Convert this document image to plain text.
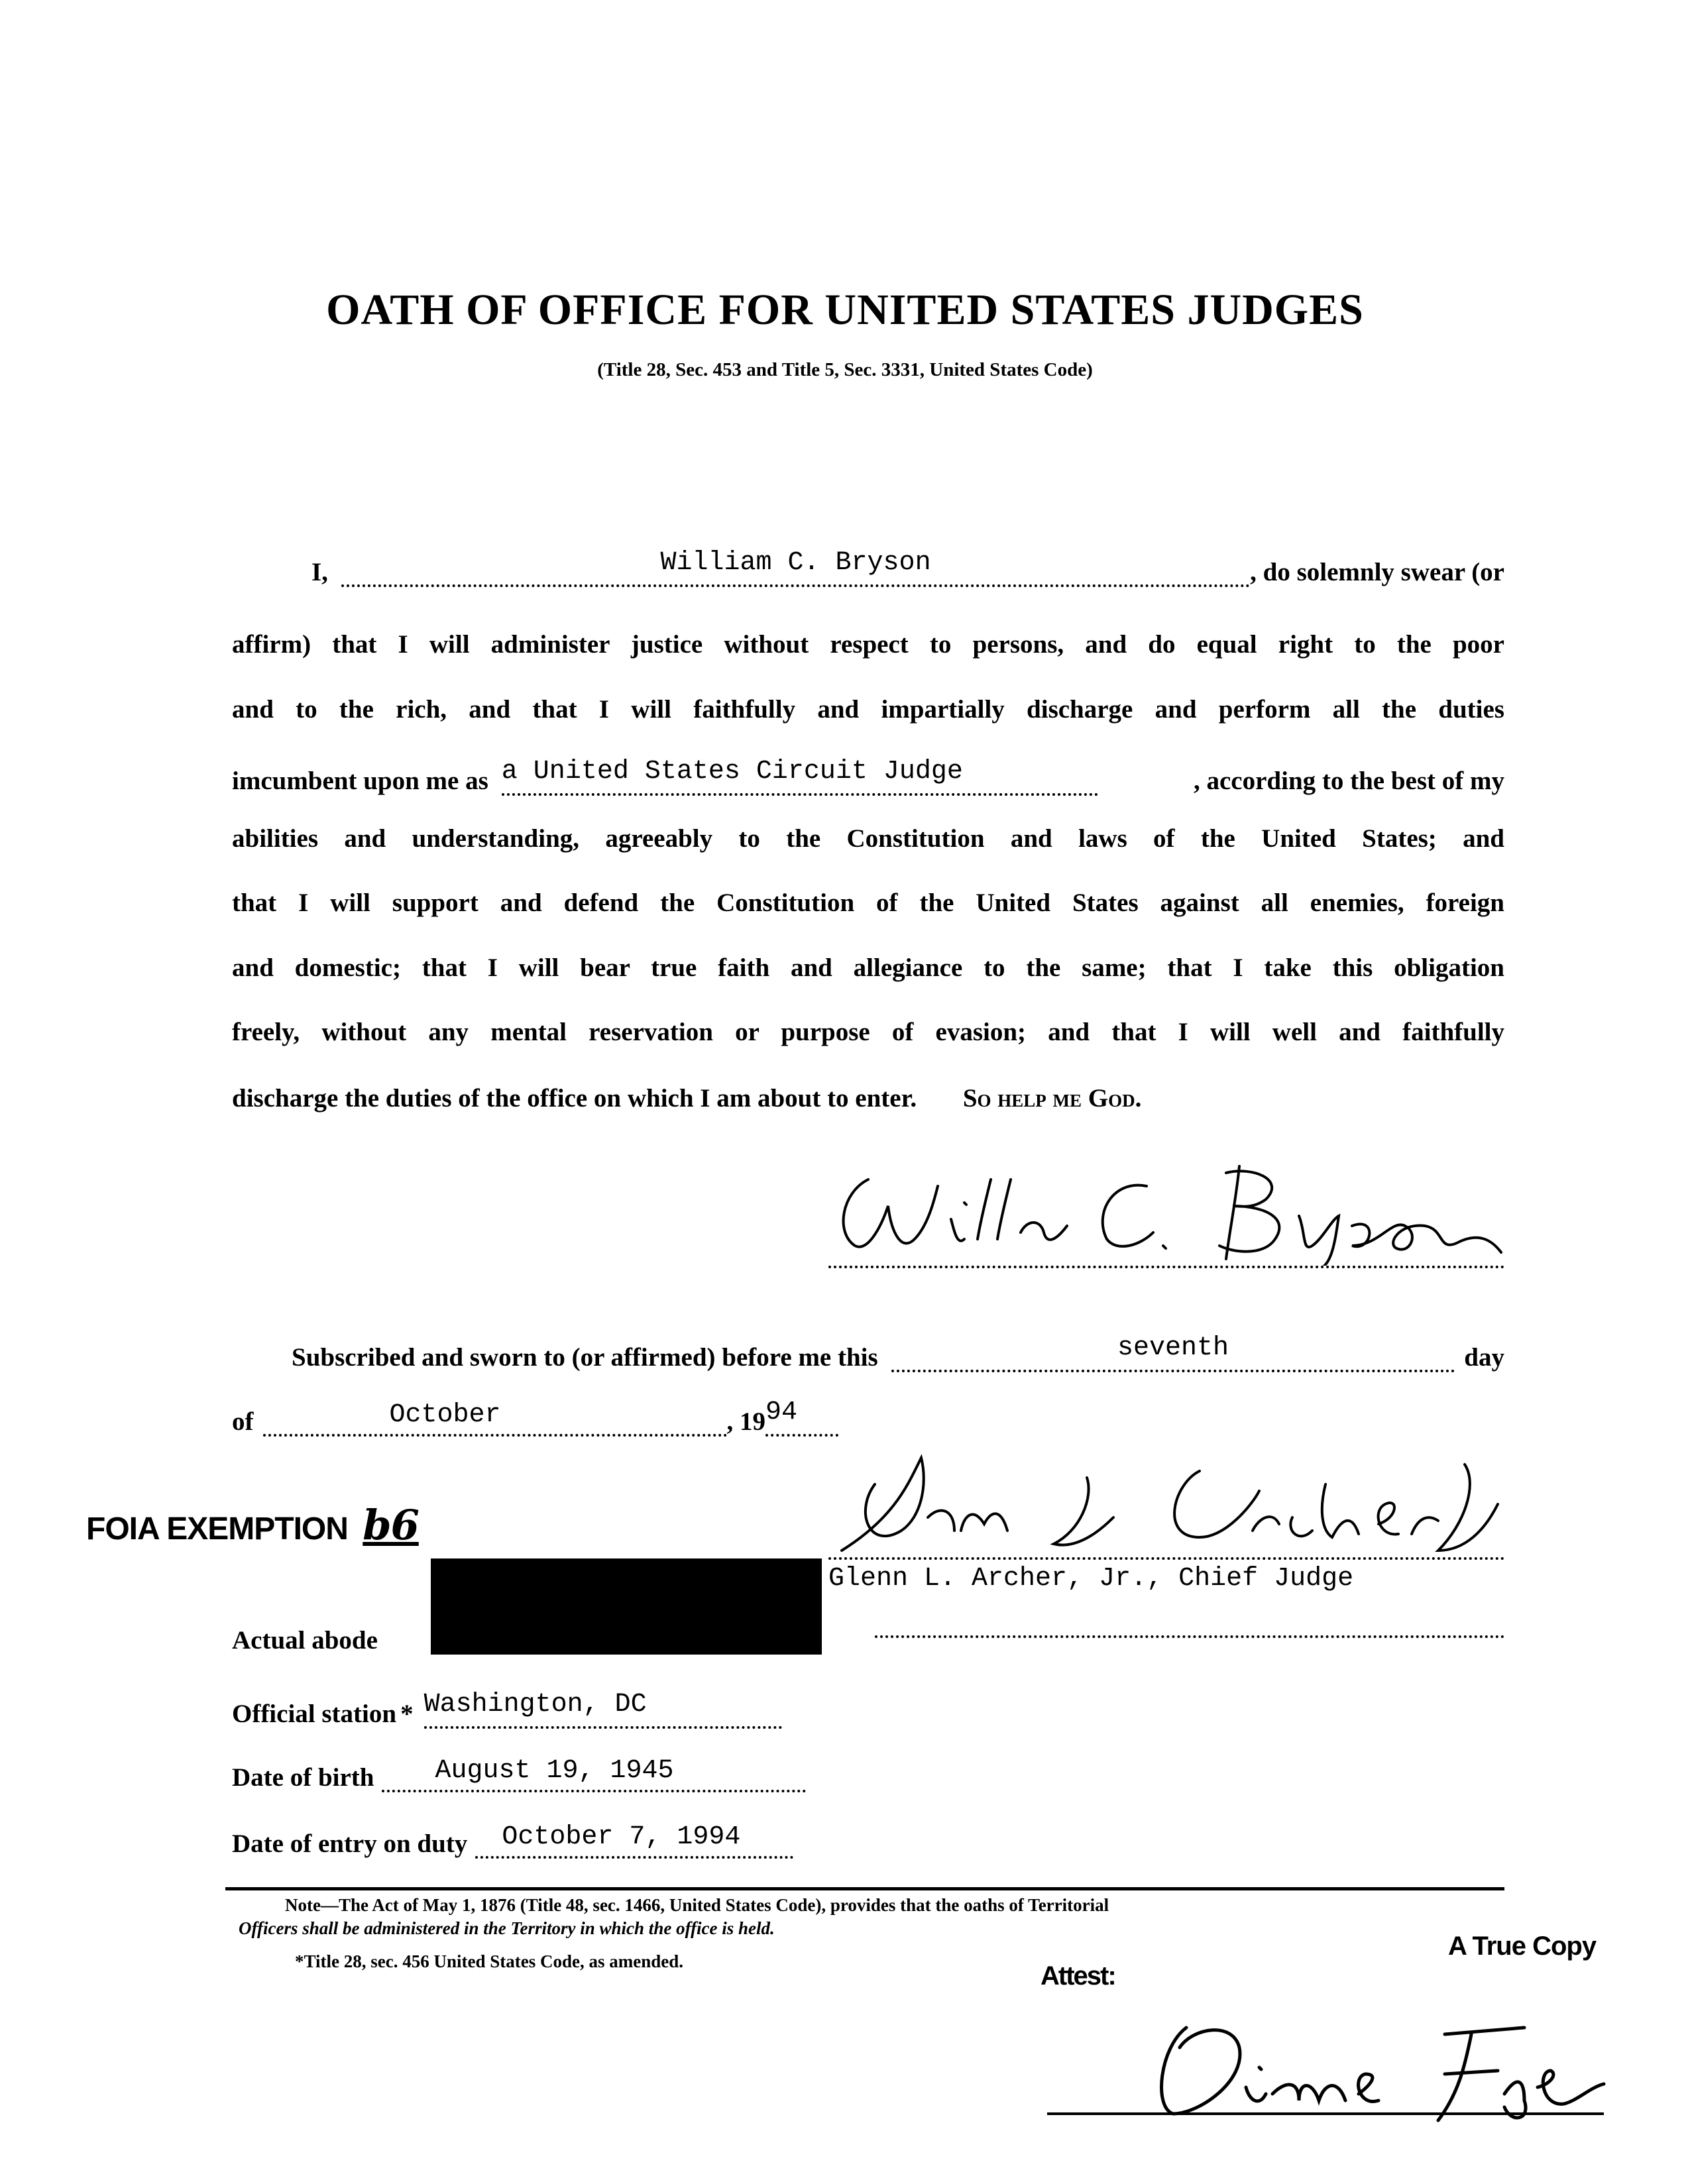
OATH OF OFFICE FOR UNITED STATES JUDGES
(Title 28, Sec. 453 and Title 5, Sec. 3331, United States Code)
I,	William C. Bryson	, do solemnly swear (or
affirm) that I will administer justice without respect to persons, and do equal right to the poor
and to the rich, and that I will faithfully and impartially discharge and perform all the duties
imcumbent upon me as a United States Circuit Judge	, according to the best of my
abilities and understanding, agreeably to the Constitution and laws of the United States; and
that I will support and defend the Constitution of the United States against all enemies, foreign
and domestic; that I will bear true faith and allegiance to the same; that I take this obligation
freely, without any mental reservation or purpose of evasion; and that I will well and faithfully
discharge the duties of the office on which I am about to enter. So help me God.
William C. Bryson
Subscribed and sworn to (or affirmed) before me this	seventh	day
of	October	, 19 94
FOIA EXEMPTION b6
Glenn L. Archer, Jr., Chief Judge
Actual abode
Official station * Washington, DC
Date of birth	August 19, 1945
Date of entry on duty	October 7, 1994
Note—The Act of May 1, 1876 (Title 48, sec. 1466, United States Code), provides that the oaths of Territorial
Officers shall be administered in the Territory in which the office is held.
*Title 28, sec. 456 United States Code, as amended.
A True Copy
Attest:
